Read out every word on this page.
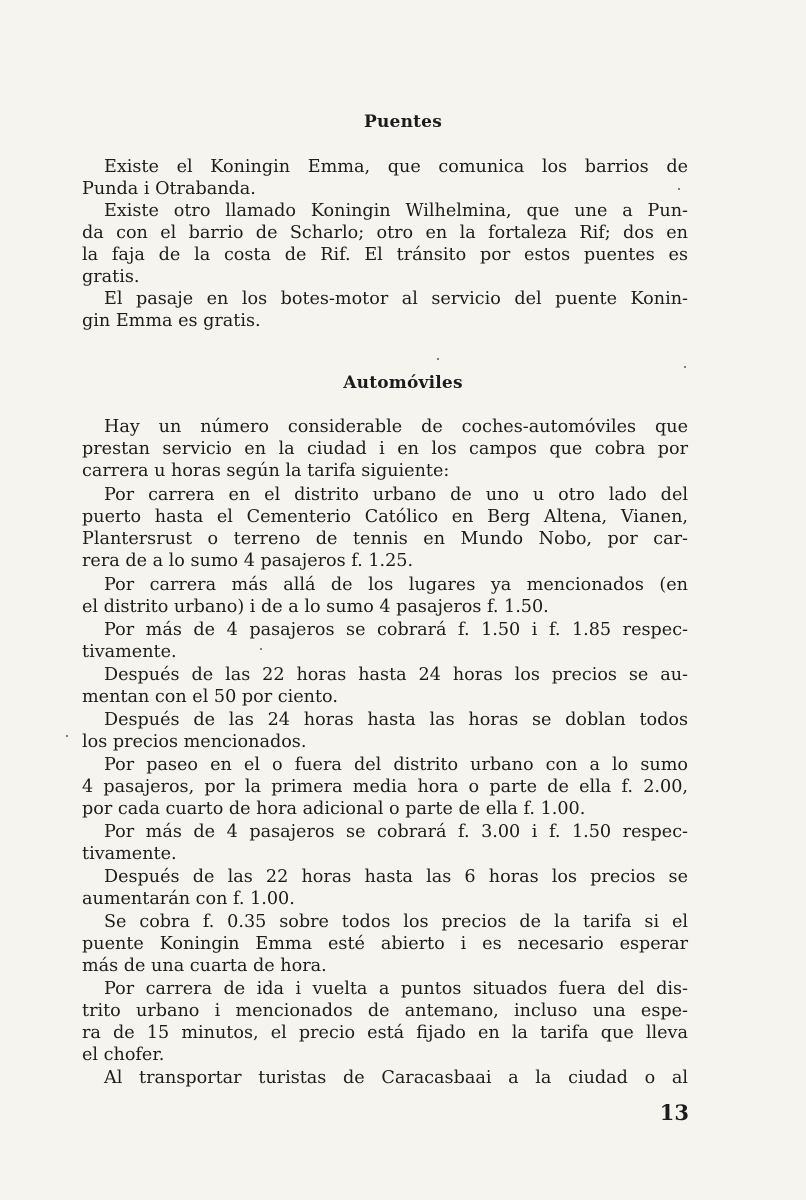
Puentes
Existe el Koningin Emma, que comunica los barrios de
Punda i Otrabanda.
Existe otro llamado Koningin Wilhelmina, que une a Pun-
da con el barrio de Scharlo; otro en la fortaleza Rif; dos en
la faja de la costa de Rif. El tránsito por estos puentes es
gratis.
El pasaje en los botes-motor al servicio del puente Konin-
gin Emma es gratis.
Automóviles
Hay un número considerable de coches-automóviles que
prestan servicio en la ciudad i en los campos que cobra por
carrera u horas según la tarifa siguiente:
Por carrera en el distrito urbano de uno u otro lado del
puerto hasta el Cementerio Católico en Berg Altena, Vianen,
Plantersrust o terreno de tennis en Mundo Nobo, por car-
rera de a lo sumo 4 pasajeros f. 1.25.
Por carrera más allá de los lugares ya mencionados (en
el distrito urbano) i de a lo sumo 4 pasajeros f. 1.50.
Por más de 4 pasajeros se cobrará f. 1.50 i f. 1.85 respec-
tivamente.
Después de las 22 horas hasta 24 horas los precios se au-
mentan con el 50 por ciento.
Después de las 24 horas hasta las horas se doblan todos
los precios mencionados.
Por paseo en el o fuera del distrito urbano con a lo sumo
4 pasajeros, por la primera media hora o parte de ella f. 2.00,
por cada cuarto de hora adicional o parte de ella f. 1.00.
Por más de 4 pasajeros se cobrará f. 3.00 i f. 1.50 respec-
tivamente.
Después de las 22 horas hasta las 6 horas los precios se
aumentarán con f. 1.00.
Se cobra f. 0.35 sobre todos los precios de la tarifa si el
puente Koningin Emma esté abierto i es necesario esperar
más de una cuarta de hora.
Por carrera de ida i vuelta a puntos situados fuera del dis-
trito urbano i mencionados de antemano, incluso una espe-
ra de 15 minutos, el precio está fijado en la tarifa que lleva
el chofer.
Al transportar turistas de Caracasbaai a la ciudad o al
13
